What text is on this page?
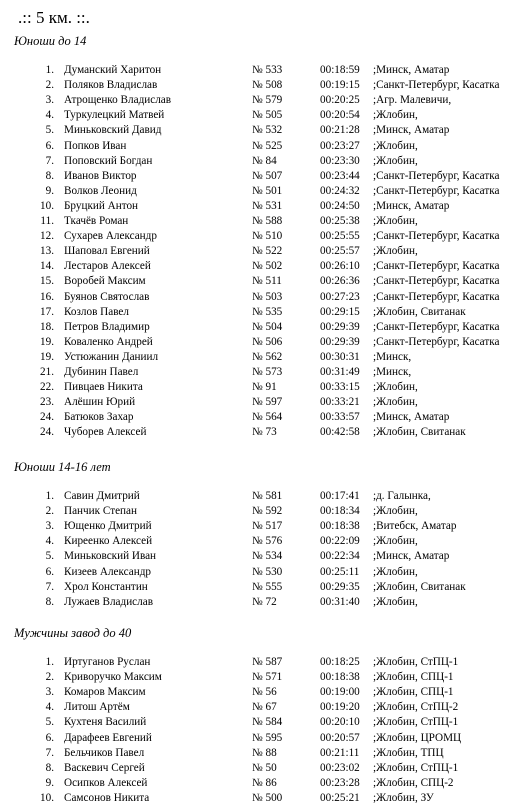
.:: 5 км. ::.
Юноши до 14
1. Думанский Харитон	№ 533	00:18:59 ;Минск, Аматар
2. Поляков Владислав	№ 508	00:19:15 ;Санкт-Петербург, Касатка
3. Атрощенко Владислав	№ 579	00:20:25 ;Агр. Малевичи,
4. Туркулецкий Матвей	№ 505	00:20:54 ;Жлобин,
5. Миньковский Давид	№ 532	00:21:28 ;Минск, Аматар
6. Попков Иван	№ 525	00:23:27 ;Жлобин,
7. Поповский Богдан	№ 84	00:23:30 ;Жлобин,
8. Иванов Виктор	№ 507	00:23:44 ;Санкт-Петербург, Касатка
9. Волков Леонид	№ 501	00:24:32 ;Санкт-Петербург, Касатка
10. Бруцкий Антон	№ 531	00:24:50 ;Минск, Аматар
11. Ткачёв Роман	№ 588	00:25:38 ;Жлобин,
12. Сухарев Александр	№ 510	00:25:55 ;Санкт-Петербург, Касатка
13. Шаповал Евгений	№ 522	00:25:57 ;Жлобин,
14. Лестаров Алексей	№ 502	00:26:10 ;Санкт-Петербург, Касатка
15. Воробей Максим	№ 511	00:26:36 ;Санкт-Петербург, Касатка
16. Буянов Святослав	№ 503	00:27:23 ;Санкт-Петербург, Касатка
17. Козлов Павел	№ 535	00:29:15 ;Жлобин, Свитанак
18. Петров Владимир	№ 504	00:29:39 ;Санкт-Петербург, Касатка
19. Коваленко Андрей	№ 506	00:29:39 ;Санкт-Петербург, Касатка
19. Устюжанин Даниил	№ 562	00:30:31 ;Минск,
21. Дубинин Павел	№ 573	00:31:49 ;Минск,
22. Пивцаев Никита	№ 91	00:33:15 ;Жлобин,
23. Алёшин Юрий	№ 597	00:33:21 ;Жлобин,
24. Батюков Захар	№ 564	00:33:57 ;Минск, Аматар
24. Чуборев Алексей	№ 73	00:42:58 ;Жлобин, Свитанак
Юноши 14-16 лет
1. Савин Дмитрий	№ 581	00:17:41 ;д. Галынка,
2. Панчик Степан	№ 592	00:18:34 ;Жлобин,
3. Ющенко Дмитрий	№ 517	00:18:38 ;Витебск, Аматар
4. Киреенко Алексей	№ 576	00:22:09 ;Жлобин,
5. Миньковский Иван	№ 534	00:22:34 ;Минск, Аматар
6. Кизеев Александр	№ 530	00:25:11 ;Жлобин,
7. Хрол Константин	№ 555	00:29:35 ;Жлобин, Свитанак
8. Лужаев Владислав	№ 72	00:31:40 ;Жлобин,
Мужчины завод до 40
1. Иртуганов Руслан	№ 587	00:18:25 ;Жлобин, СтПЦ-1
2. Криворучко Максим	№ 571	00:18:38 ;Жлобин, СПЦ-1
3. Комаров Максим	№ 56	00:19:00 ;Жлобин, СПЦ-1
4. Литош Артём	№ 67	00:19:20 ;Жлобин, СтПЦ-2
5. Кухтеня Василий	№ 584	00:20:10 ;Жлобин, СтПЦ-1
6. Дарафеев Евгений	№ 595	00:20:57 ;Жлобин, ЦРОМЦ
7. Бельчиков Павел	№ 88	00:21:11 ;Жлобин, ТПЦ
8. Васкевич Сергей	№ 50	00:23:02 ;Жлобин, СтПЦ-1
9. Осипков Алексей	№ 86	00:23:28 ;Жлобин, СПЦ-2
10. Самсонов Никита	№ 500	00:25:21 ;Жлобин, ЗУ
